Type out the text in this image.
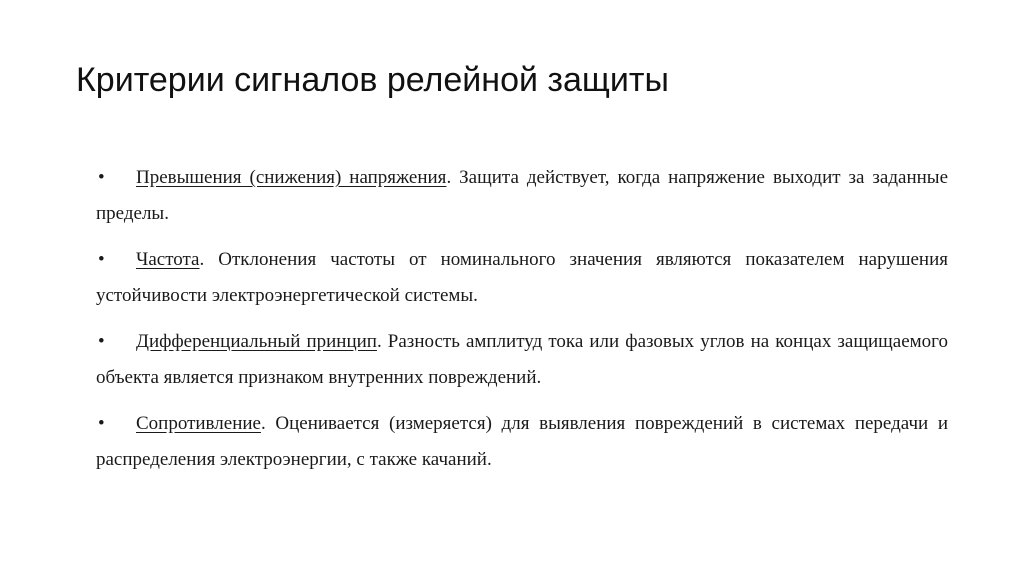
Критерии сигналов релейной защиты
• Превышения (снижения) напряжения. Защита действует, когда напряжение выходит за заданные пределы.
• Частота. Отклонения частоты от номинального значения являются показателем нарушения устойчивости электроэнергетической системы.
• Дифференциальный принцип. Разность амплитуд тока или фазовых углов на концах защищаемого объекта является признаком внутренних повреждений.
• Сопротивление. Оценивается (измеряется) для выявления повреждений в системах передачи и распределения электроэнергии, с также качаний.
